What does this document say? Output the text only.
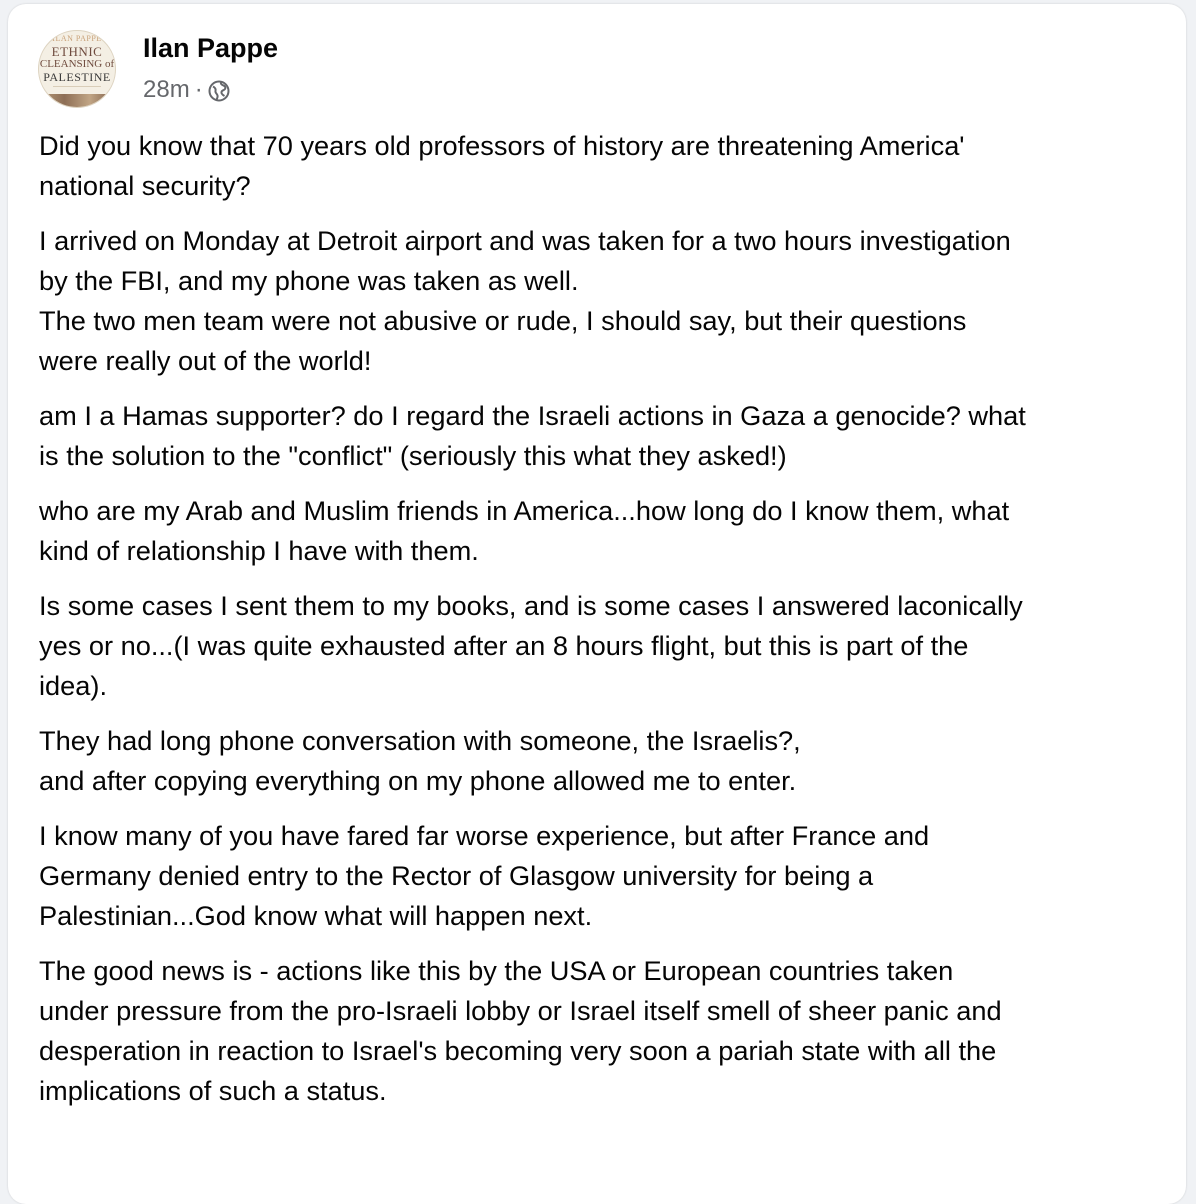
ILAN PAPPE
ETHNIC
CLEANSING of
PALESTINE
Ilan Pappe
28m ·

Did you know that 70 years old professors of history are threatening America'
national security?

I arrived on Monday at Detroit airport and was taken for a two hours investigation
by the FBI, and my phone was taken as well.
The two men team were not abusive or rude, I should say, but their questions
were really out of the world!

am I a Hamas supporter? do I regard the Israeli actions in Gaza a genocide? what
is the solution to the "conflict" (seriously this what they asked!)

who are my Arab and Muslim friends in America...how long do I know them, what
kind of relationship I have with them.

Is some cases I sent them to my books, and is some cases I answered laconically
yes or no...(I was quite exhausted after an 8 hours flight, but this is part of the
idea).

They had long phone conversation with someone, the Israelis?,
and after copying everything on my phone allowed me to enter.

I know many of you have fared far worse experience, but after France and
Germany denied entry to the Rector of Glasgow university for being a
Palestinian...God know what will happen next.

The good news is - actions like this by the USA or European countries taken
under pressure from the pro-Israeli lobby or Israel itself smell of sheer panic and
desperation in reaction to Israel's becoming very soon a pariah state with all the
implications of such a status.
